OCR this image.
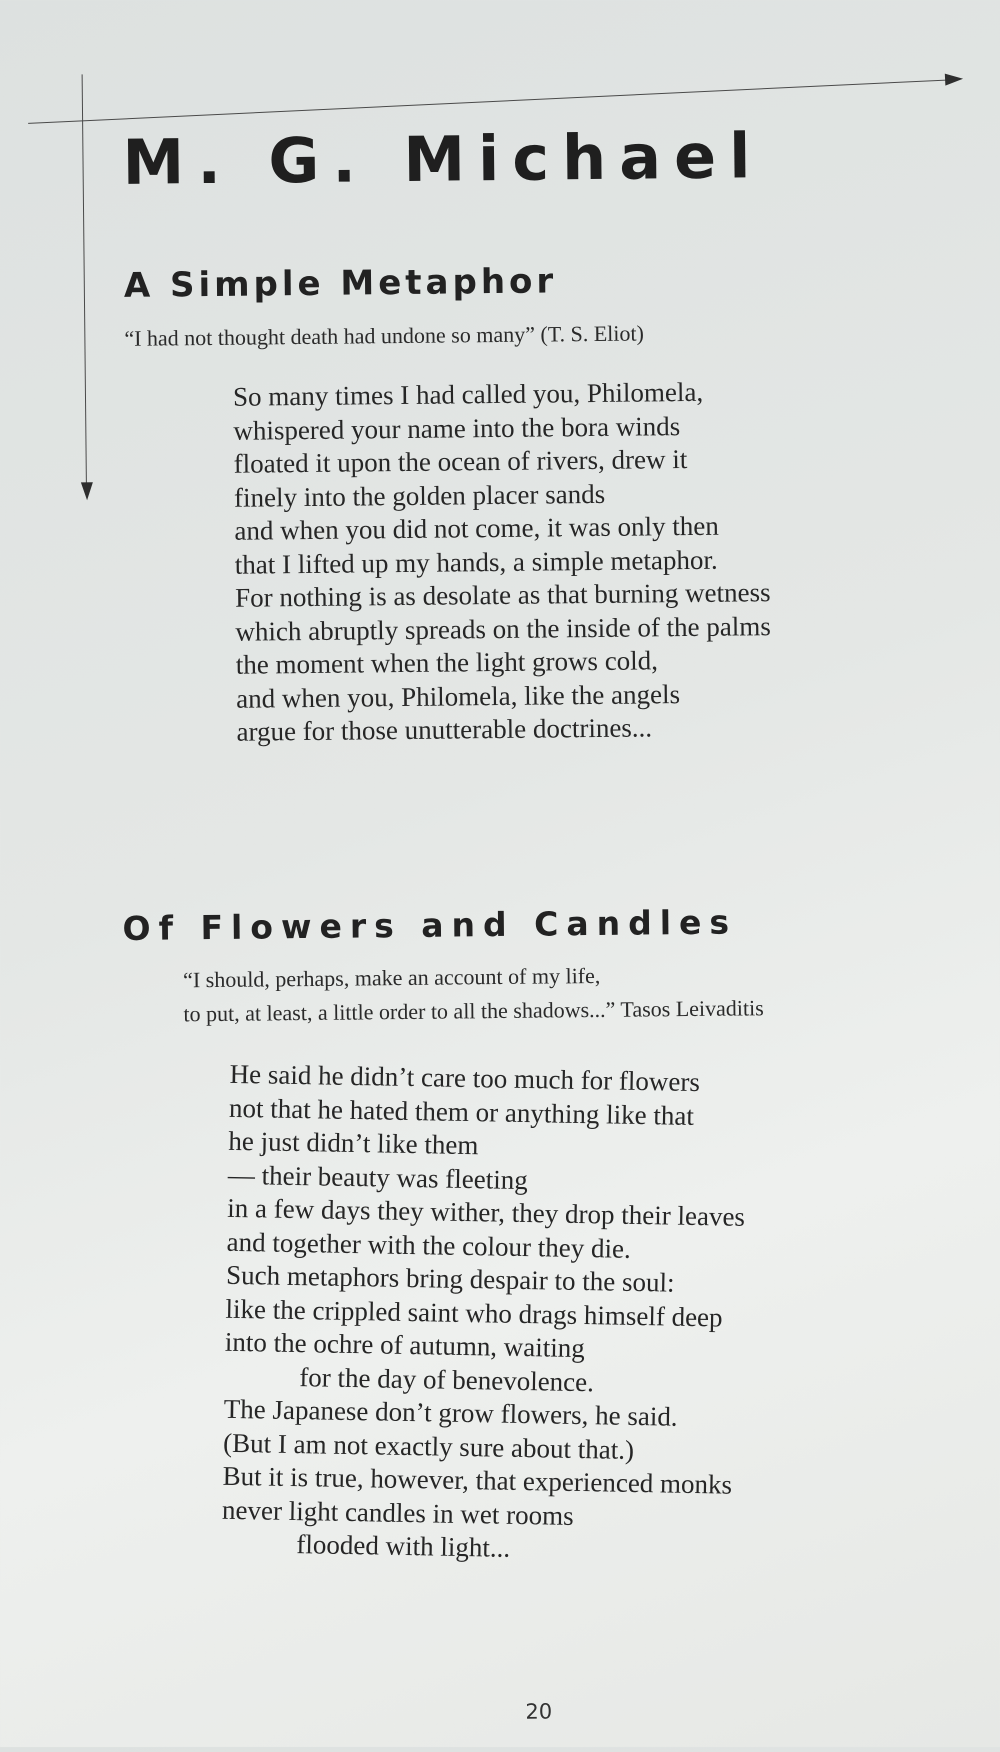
M. G. Michael
A Simple Metaphor

“I had not thought death had undone so many” (T. S. Eliot)

So many times I had called you, Philomela,
whispered your name into the bora winds
floated it upon the ocean of rivers, drew it
finely into the golden placer sands
and when you did not come, it was only then
that I lifted up my hands, a simple metaphor.
For nothing is as desolate as that burning wetness
which abruptly spreads on the inside of the palms
the moment when the light grows cold,
and when you, Philomela, like the angels
argue for those unutterable doctrines...
Of Flowers and Candles

“I should, perhaps, make an account of my life,
to put, at least, a little order to all the shadows...” Tasos Leivaditis

He said he didn’t care too much for flowers
not that he hated them or anything like that
he just didn’t like them
— their beauty was fleeting
in a few days they wither, they drop their leaves
and together with the colour they die.
Such metaphors bring despair to the soul:
like the crippled saint who drags himself deep
into the ochre of autumn, waiting
for the day of benevolence.
The Japanese don’t grow flowers, he said.
(But I am not exactly sure about that.)
But it is true, however, that experienced monks
never light candles in wet rooms
flooded with light...
20
